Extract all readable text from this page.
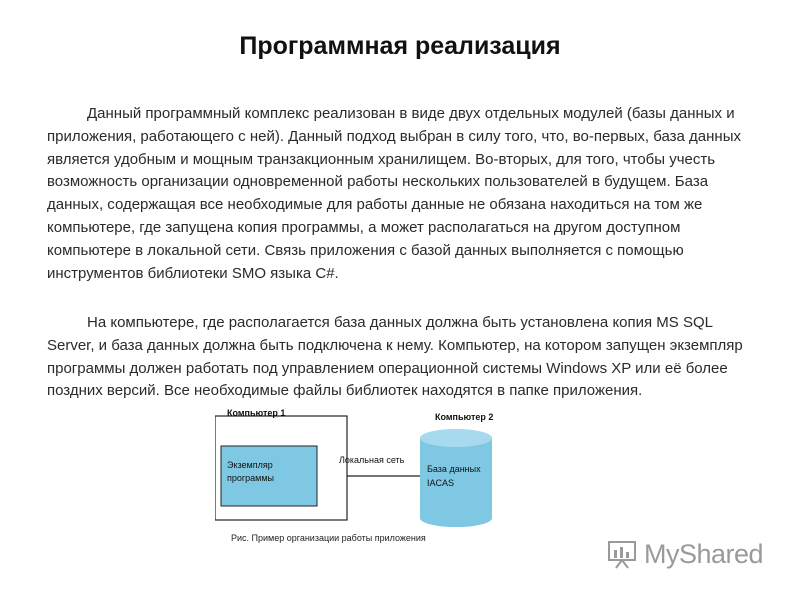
Программная реализация

Данный программный комплекс реализован в виде двух отдельных модулей (базы данных и приложения, работающего с ней). Данный подход выбран в силу того, что, во-первых, база данных является удобным и мощным транзакционным хранилищем. Во-вторых, для того, чтобы учесть возможность организации одновременной работы нескольких пользователей в будущем. База данных, содержащая все необходимые для работы данные не обязана находиться на том же компьютере, где запущена копия программы, а может располагаться на другом доступном компьютере в локальной сети. Связь приложения с базой данных выполняется с помощью инструментов библиотеки SMO языка C#.

На компьютере, где располагается база данных должна быть установлена копия MS SQL Server, и база данных должна быть подключена к нему. Компьютер, на котором запущен экземпляр программы должен работать под управлением операционной системы Windows XP или её более поздних версий. Все необходимые файлы библиотек находятся в папке приложения.

Компьютер 1
Экземпляр
программы
Локальная сеть
Компьютер 2
База данных
IACAS
Рис. Пример организации работы приложения
MyShared
